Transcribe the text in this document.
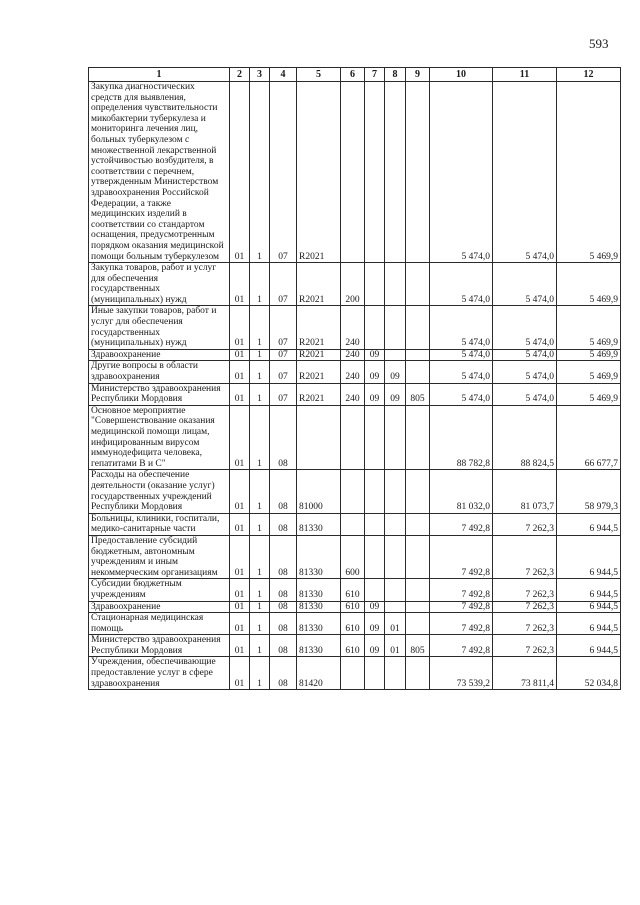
593
1	2	3	4	5	6	7	8	9	10	11	12
Закупка диагностических средств для выявления, определения чувствительности микобактерии туберкулеза и мониторинга лечения лиц, больных туберкулезом с множественной лекарственной устойчивостью возбудителя, в соответствии с перечнем, утвержденным Министерством здравоохранения Российской Федерации, а также медицинских изделий в соответствии со стандартом оснащения, предусмотренным порядком оказания медицинской помощи больным туберкулезом	01	1	07	R2021					5 474,0	5 474,0	5 469,9
Закупка товаров, работ и услуг для обеспечения государственных (муниципальных) нужд	01	1	07	R2021	200				5 474,0	5 474,0	5 469,9
Иные закупки товаров, работ и услуг для обеспечения государственных (муниципальных) нужд	01	1	07	R2021	240				5 474,0	5 474,0	5 469,9
Здравоохранение	01	1	07	R2021	240	09			5 474,0	5 474,0	5 469,9
Другие вопросы в области здравоохранения	01	1	07	R2021	240	09	09		5 474,0	5 474,0	5 469,9
Министерство здравоохранения Республики Мордовия	01	1	07	R2021	240	09	09	805	5 474,0	5 474,0	5 469,9
Основное мероприятие "Совершенствование оказания медицинской помощи лицам, инфицированным вирусом иммунодефицита человека, гепатитами B и C"	01	1	08						88 782,8	88 824,5	66 677,7
Расходы на обеспечение деятельности (оказание услуг) государственных учреждений Республики Мордовия	01	1	08	81000					81 032,0	81 073,7	58 979,3
Больницы, клиники, госпитали, медико-санитарные части	01	1	08	81330					7 492,8	7 262,3	6 944,5
Предоставление субсидий бюджетным, автономным учреждениям и иным некоммерческим организациям	01	1	08	81330	600				7 492,8	7 262,3	6 944,5
Субсидии бюджетным учреждениям	01	1	08	81330	610				7 492,8	7 262,3	6 944,5
Здравоохранение	01	1	08	81330	610	09			7 492,8	7 262,3	6 944,5
Стационарная медицинская помощь	01	1	08	81330	610	09	01		7 492,8	7 262,3	6 944,5
Министерство здравоохранения Республики Мордовия	01	1	08	81330	610	09	01	805	7 492,8	7 262,3	6 944,5
Учреждения, обеспечивающие предоставление услуг в сфере здравоохранения	01	1	08	81420					73 539,2	73 811,4	52 034,8
